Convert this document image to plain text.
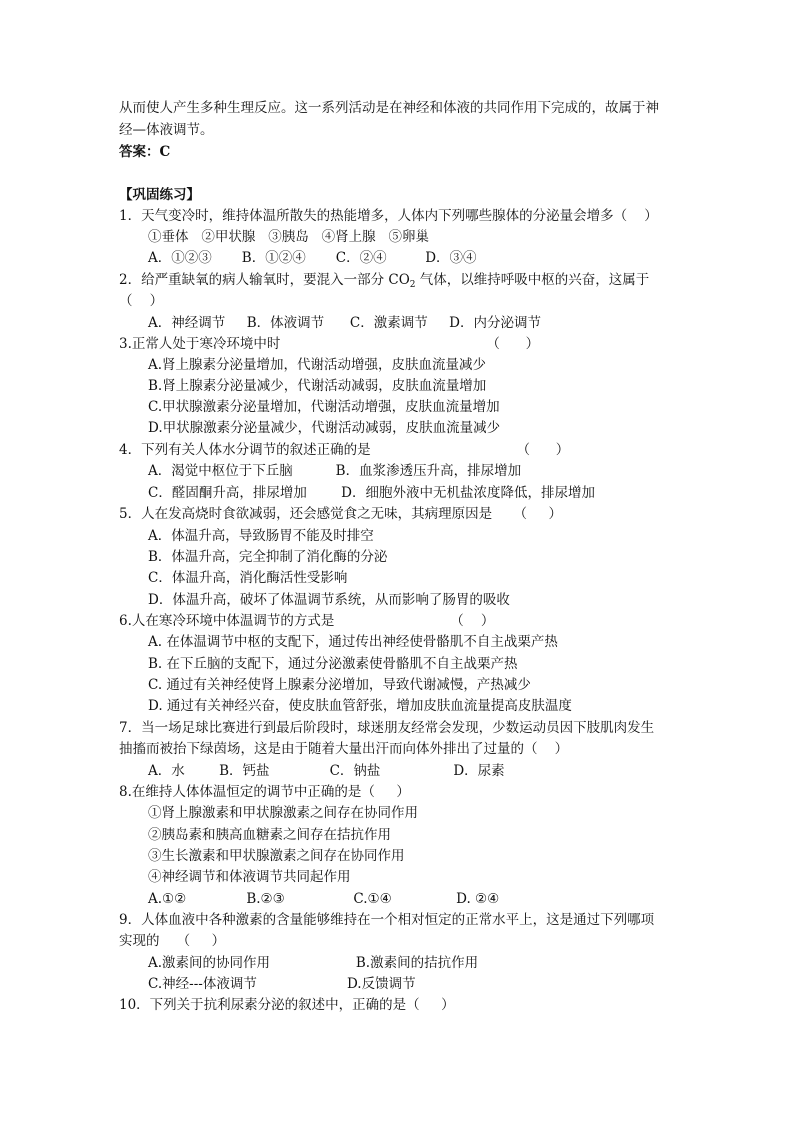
从而使人产生多种生理反应。这一系列活动是在神经和体液的共同作用下完成的，故属于神
经—体液调节。
答案：C
【巩固练习】
1．天气变冷时，维持体温所散失的热能增多，人体内下列哪些腺体的分泌量会增多（    ）
①垂体   ②甲状腺   ③胰岛   ④肾上腺   ⑤卵巢
A．①②③       B．①②④       C．②④         D．③④
2．给严重缺氧的病人输氧时，要混入一部分 $CO_2$ 气体，以维持呼吸中枢的兴奋，这属于
（    ）
A．神经调节     B．体液调节      C．激素调节     D．内分泌调节
3.正常人处于寒冷环境中时                                                （      ）
A.肾上腺素分泌量增加，代谢活动增强，皮肤血流量减少
B.肾上腺素分泌量减少，代谢活动减弱，皮肤血流量增加
C.甲状腺激素分泌量增加，代谢活动增强，皮肤血流量增加
D.甲状腺激素分泌量减少，代谢活动减弱，皮肤血流量减少
4．下列有关人体水分调节的叙述正确的是                                  （      ）
A．渴觉中枢位于下丘脑          B．血浆渗透压升高，排尿增加
C．醛固酮升高，排尿增加        D．细胞外液中无机盐浓度降低，排尿增加
5．人在发高烧时食欲减弱，还会感觉食之无味，其病理原因是     （     ）
A．体温升高，导致肠胃不能及时排空
B．体温升高，完全抑制了消化酶的分泌
C．体温升高，消化酶活性受影响
D．体温升高，破坏了体温调节系统，从而影响了肠胃的吸收
6.人在寒冷环境中体温调节的方式是                           （    ）
A. 在体温调节中枢的支配下，通过传出神经使骨骼肌不自主战栗产热
B. 在下丘脑的支配下，通过分泌激素使骨骼肌不自主战栗产热
C. 通过有关神经使肾上腺素分泌增加，导致代谢减慢，产热减少
D. 通过有关神经兴奋，使皮肤血管舒张，增加皮肤血流量提高皮肤温度
7．当一场足球比赛进行到最后阶段时，球迷朋友经常会发现，少数运动员因下肢肌肉发生
抽搐而被抬下绿茵场，这是由于随着大量出汗而向体外排出了过量的（    ）
A．水        B．钙盐              C．钠盐                 D．尿素
8.在维持人体体温恒定的调节中正确的是（     ）
①肾上腺激素和甲状腺激素之间存在协同作用
②胰岛素和胰高血糖素之间存在拮抗作用
③生长激素和甲状腺激素之间存在协同作用
④神经调节和体液调节共同起作用
A.①②              B.②③                C.①④               D. ②④
9．人体血液中各种激素的含量能够维持在一个相对恒定的正常水平上，这是通过下列哪项
实现的    （     ）
A.激素间的协同作用                    B.激素间的拮抗作用
C.神经---体液调节                     D.反馈调节
10．下列关于抗利尿素分泌的叙述中，正确的是（     ）
